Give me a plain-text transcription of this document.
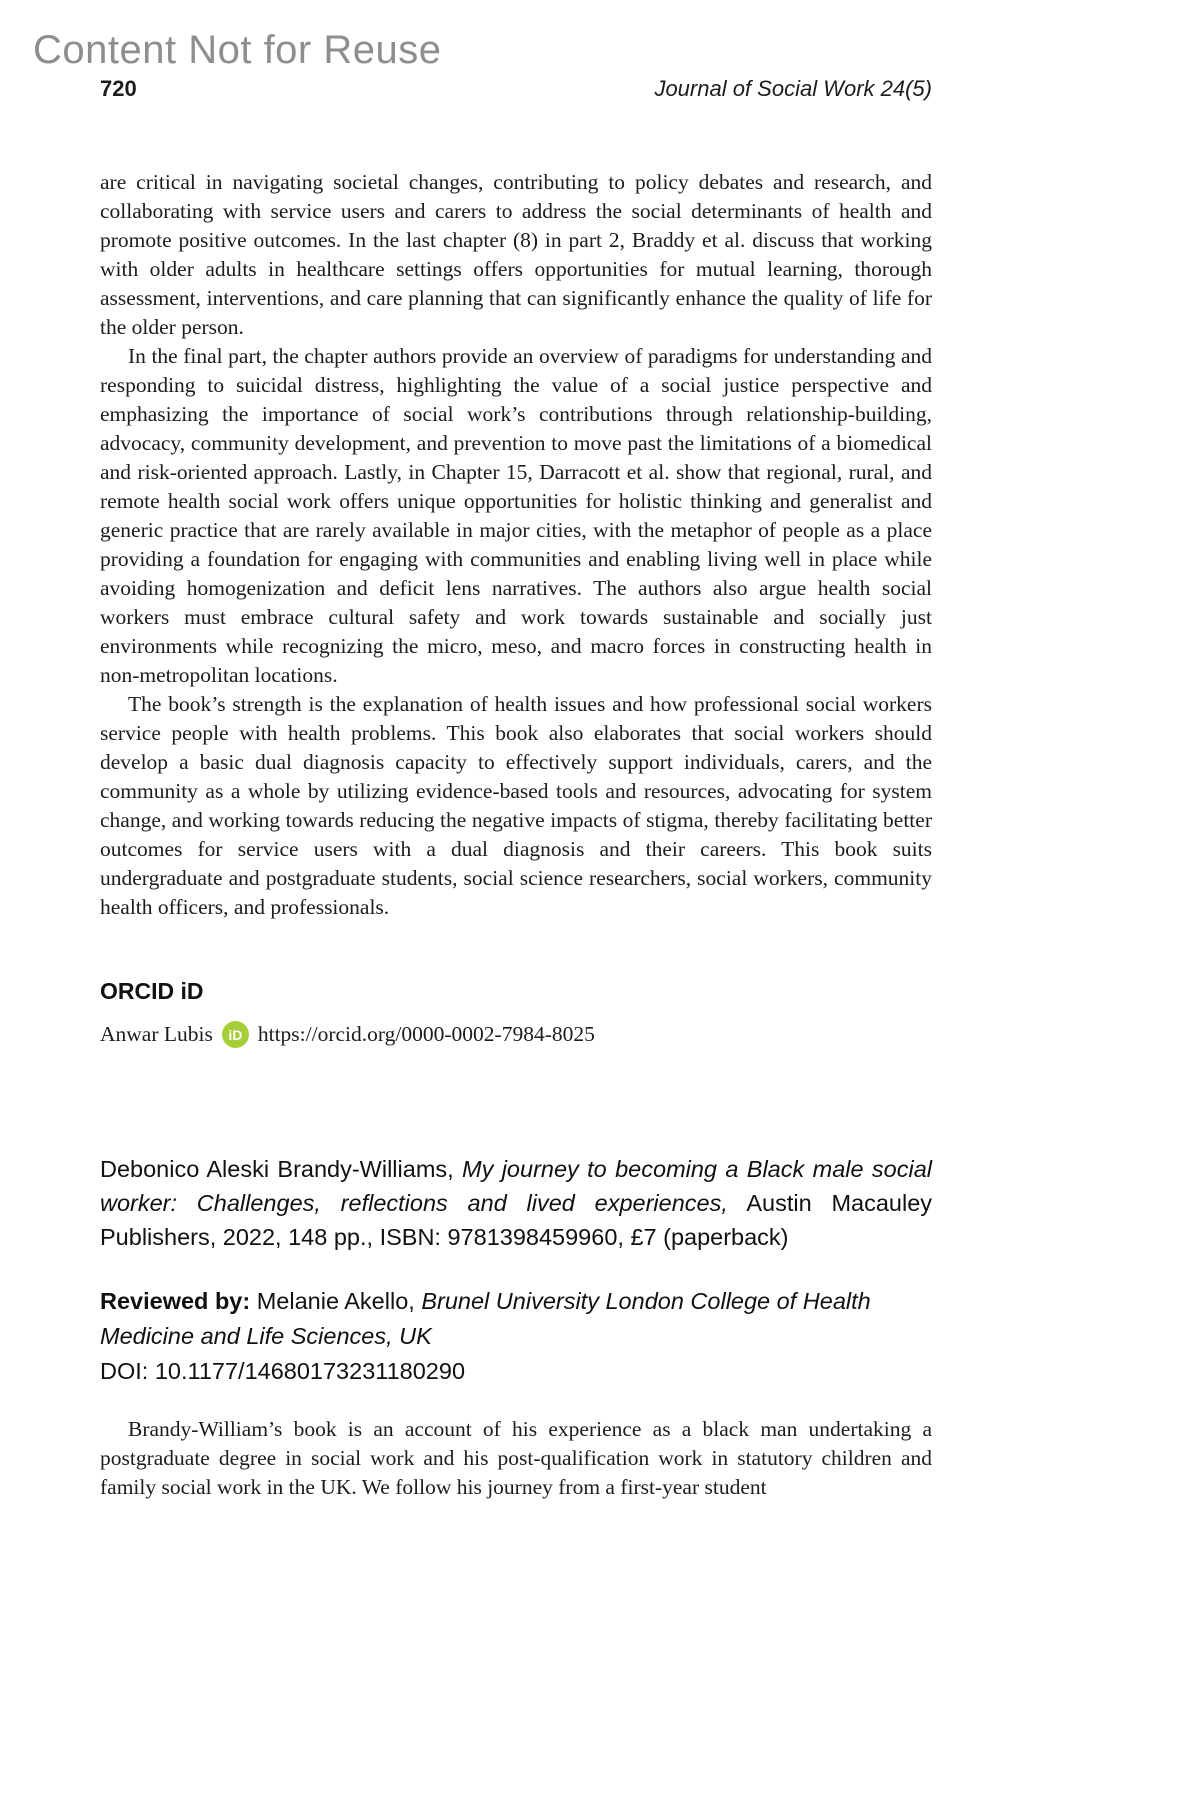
Content Not for Reuse
720	Journal of Social Work 24(5)

are critical in navigating societal changes, contributing to policy debates and research, and collaborating with service users and carers to address the social determinants of health and promote positive outcomes. In the last chapter (8) in part 2, Braddy et al. discuss that working with older adults in healthcare settings offers opportunities for mutual learning, thorough assessment, interventions, and care planning that can significantly enhance the quality of life for the older person.

In the final part, the chapter authors provide an overview of paradigms for understanding and responding to suicidal distress, highlighting the value of a social justice perspective and emphasizing the importance of social work’s contributions through relationship-building, advocacy, community development, and prevention to move past the limitations of a biomedical and risk-oriented approach. Lastly, in Chapter 15, Darracott et al. show that regional, rural, and remote health social work offers unique opportunities for holistic thinking and generalist and generic practice that are rarely available in major cities, with the metaphor of people as a place providing a foundation for engaging with communities and enabling living well in place while avoiding homogenization and deficit lens narratives. The authors also argue health social workers must embrace cultural safety and work towards sustainable and socially just environments while recognizing the micro, meso, and macro forces in constructing health in non-metropolitan locations.

The book’s strength is the explanation of health issues and how professional social workers service people with health problems. This book also elaborates that social workers should develop a basic dual diagnosis capacity to effectively support individuals, carers, and the community as a whole by utilizing evidence-based tools and resources, advocating for system change, and working towards reducing the negative impacts of stigma, thereby facilitating better outcomes for service users with a dual diagnosis and their careers. This book suits undergraduate and postgraduate students, social science researchers, social workers, community health officers, and professionals.

ORCID iD
Anwar Lubis	iD https://orcid.org/0000-0002-7984-8025

Debonico Aleski Brandy-Williams, My journey to becoming a Black male social worker: Challenges, reflections and lived experiences, Austin Macauley Publishers, 2022, 148 pp., ISBN: 9781398459960, £7 (paperback)

Reviewed by: Melanie Akello, Brunel University London College of Health Medicine and Life Sciences, UK
DOI: 10.1177/14680173231180290

Brandy-William’s book is an account of his experience as a black man undertaking a postgraduate degree in social work and his post-qualification work in statutory children and family social work in the UK. We follow his journey from a first-year student
